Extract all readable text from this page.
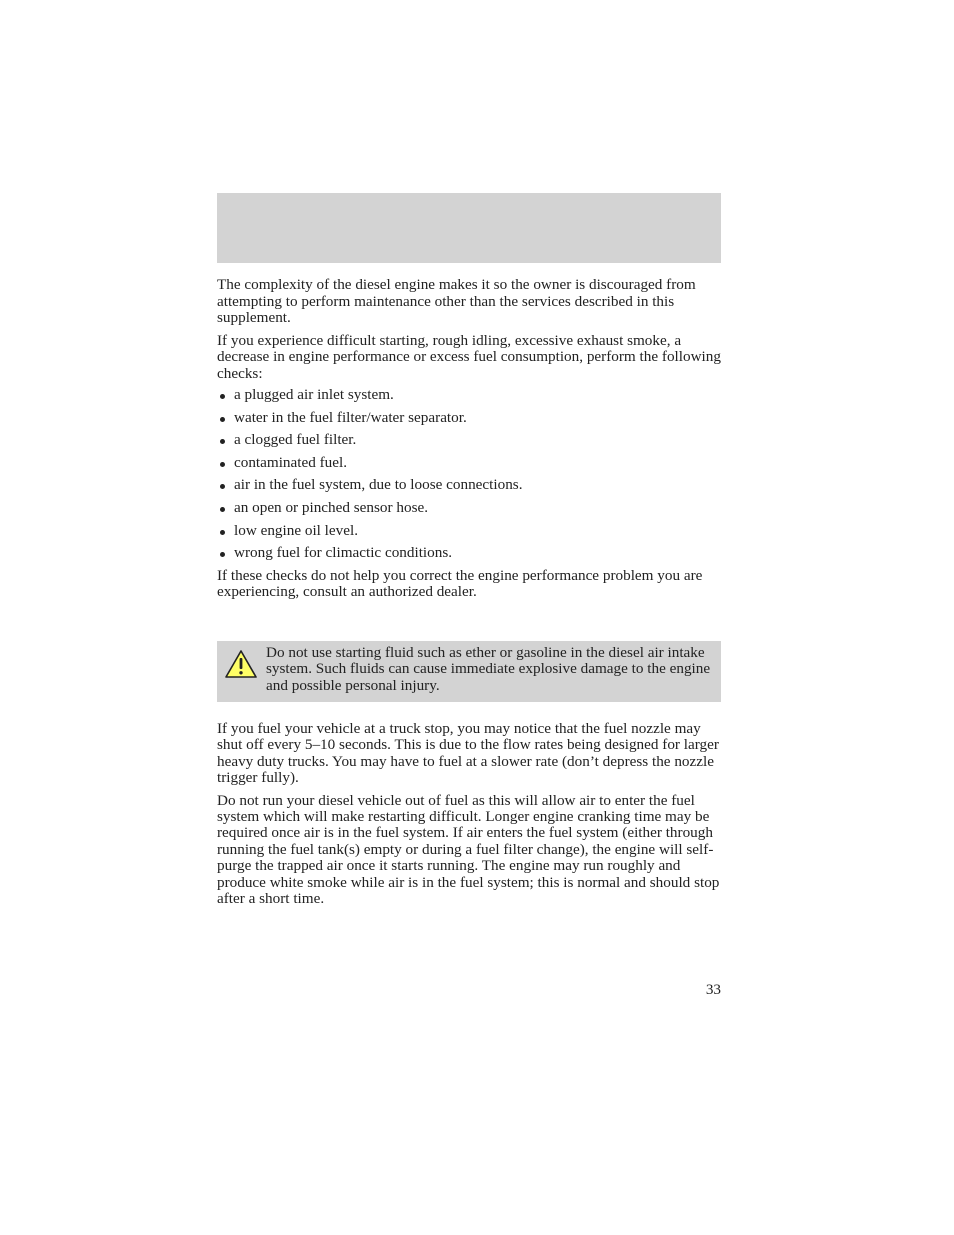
The complexity of the diesel engine makes it so the owner is discouraged from attempting to perform maintenance other than the services described in this supplement.

If you experience difficult starting, rough idling, excessive exhaust smoke, a decrease in engine performance or excess fuel consumption, perform the following checks:

a plugged air inlet system.
water in the fuel filter/water separator.
a clogged fuel filter.
contaminated fuel.
air in the fuel system, due to loose connections.
an open or pinched sensor hose.
low engine oil level.
wrong fuel for climactic conditions.

If these checks do not help you correct the engine performance problem you are experiencing, consult an authorized dealer.

Do not use starting fluid such as ether or gasoline in the diesel air intake system. Such fluids can cause immediate explosive damage to the engine and possible personal injury.

If you fuel your vehicle at a truck stop, you may notice that the fuel nozzle may shut off every 5–10 seconds. This is due to the flow rates being designed for larger heavy duty trucks. You may have to fuel at a slower rate (don’t depress the nozzle trigger fully).

Do not run your diesel vehicle out of fuel as this will allow air to enter the fuel system which will make restarting difficult. Longer engine cranking time may be required once air is in the fuel system. If air enters the fuel system (either through running the fuel tank(s) empty or during a fuel filter change), the engine will self-purge the trapped air once it starts running. The engine may run roughly and produce white smoke while air is in the fuel system; this is normal and should stop after a short time.

33
